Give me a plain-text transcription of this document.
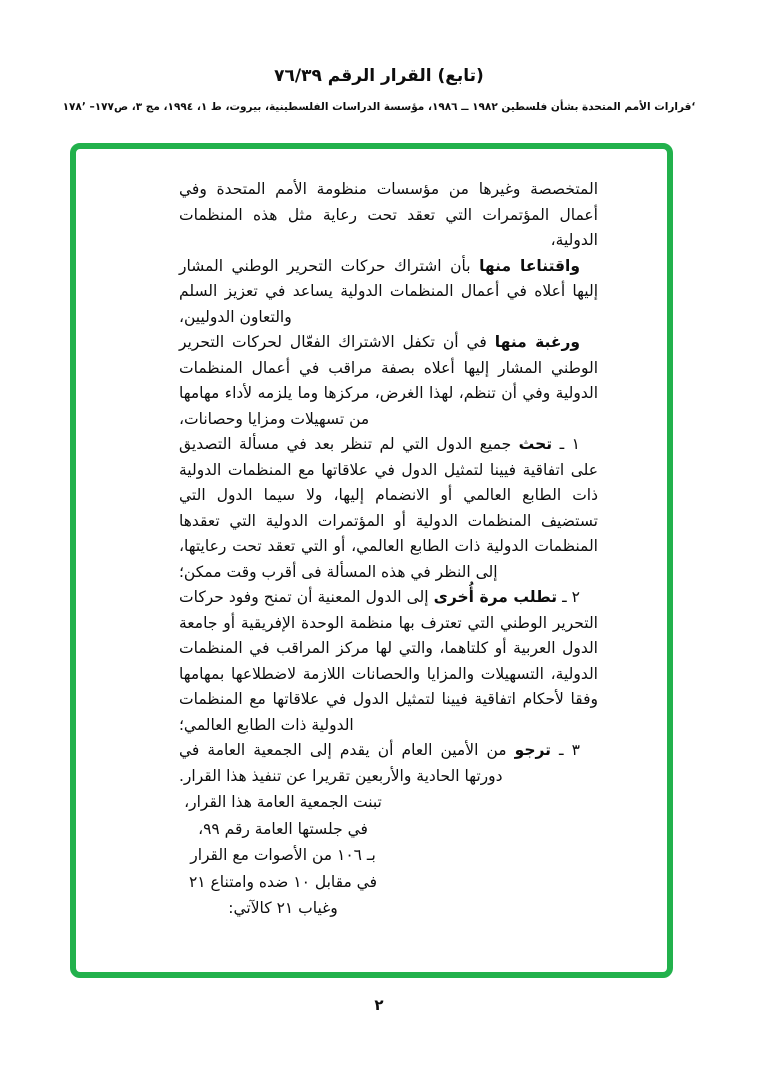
(تابع) القرار الرقم ٧٦/٣٩
ʻقرارات الأمم المتحدة بشأن فلسطين ١٩٨٢ ــ ١٩٨٦، مؤسسة الدراسات الفلسطينية، بيروت، ط ١، ١٩٩٤، مج ٣، ص١٧٧– ١٧٨ʼ

المتخصصة وغيرها من مؤسسات منظومة الأمم المتحدة وفي أعمال المؤتمرات التي تعقد تحت رعاية مثل هذه المنظمات الدولية،

واقتناعا منها بأن اشتراك حركات التحرير الوطني المشار إليها أعلاه في أعمال المنظمات الدولية يساعد في تعزيز السلم والتعاون الدوليين،

ورغبة منها في أن تكفل الاشتراك الفعّال لحركات التحرير الوطني المشار إليها أعلاه بصفة مراقب في أعمال المنظمات الدولية وفي أن تنظم، لهذا الغرض، مركزها وما يلزمه لأداء مهامها من تسهيلات ومزايا وحصانات،

١ ـ تحث جميع الدول التي لم تنظر بعد في مسألة التصديق على اتفاقية فيينا لتمثيل الدول في علاقاتها مع المنظمات الدولية ذات الطابع العالمي أو الانضمام إليها، ولا سيما الدول التي تستضيف المنظمات الدولية أو المؤتمرات الدولية التي تعقدها المنظمات الدولية ذات الطابع العالمي، أو التي تعقد تحت رعايتها، إلى النظر في هذه المسألة فى أقرب وقت ممكن؛

٢ ـ تطلب مرة أُخرى إلى الدول المعنية أن تمنح وفود حركات التحرير الوطني التي تعترف بها منظمة الوحدة الإفريقية أو جامعة الدول العربية أو كلتاهما، والتي لها مركز المراقب في المنظمات الدولية، التسهيلات والمزايا والحصانات اللازمة لاضطلاعها بمهامها وفقا لأحكام اتفاقية فيينا لتمثيل الدول في علاقاتها مع المنظمات الدولية ذات الطابع العالمي؛

٣ ـ ترجو من الأمين العام أن يقدم إلى الجمعية العامة في دورتها الحادية والأربعين تقريرا عن تنفيذ هذا القرار.

تبنت الجمعية العامة هذا القرار،
في جلستها العامة رقم ٩٩،
بـ ١٠٦ من الأصوات مع القرار
في مقابل ١٠ ضده وامتناع ٢١
وغياب ٢١ كالآتي:
٢
